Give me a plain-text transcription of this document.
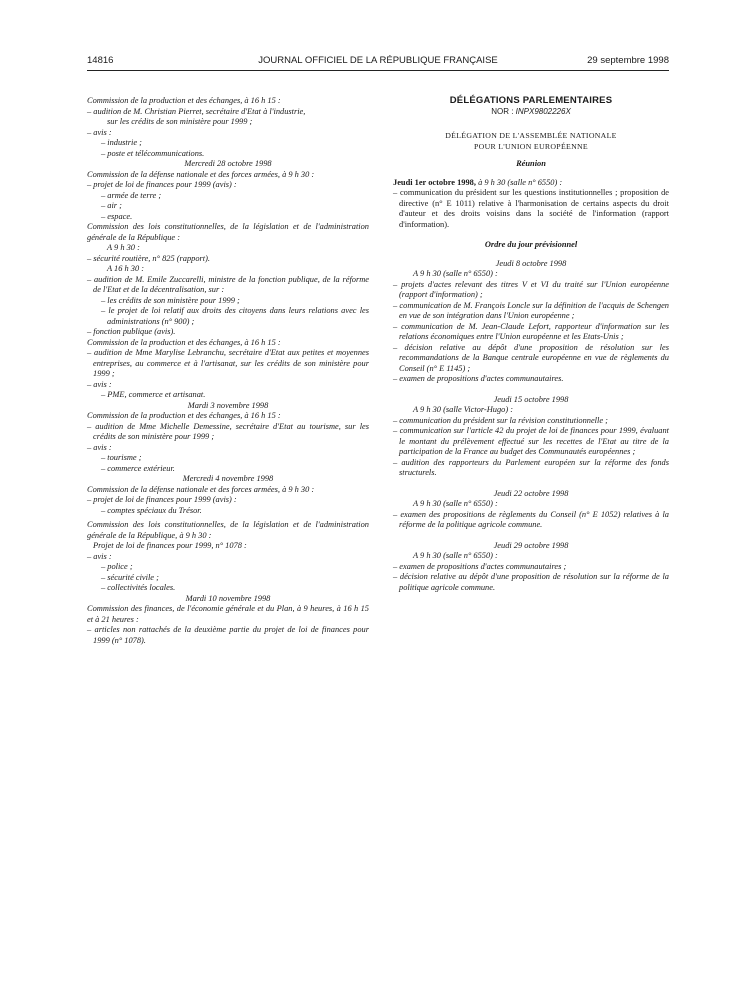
14816	JOURNAL OFFICIEL DE LA RÉPUBLIQUE FRANÇAISE	29 septembre 1998
Commission de la production et des échanges, à 16 h 15 :
– audition de M. Christian Pierret, secrétaire d'Etat à l'industrie,
sur les crédits de son ministère pour 1999 ;
– avis :
– industrie ;
– poste et télécommunications.
Mercredi 28 octobre 1998
Commission de la défense nationale et des forces armées, à 9 h 30 :
– projet de loi de finances pour 1999 (avis) :
– armée de terre ;
– air ;
– espace.
Commission des lois constitutionnelles, de la législation et de l'administration générale de la République :
A 9 h 30 :
– sécurité routière, n° 825 (rapport).
A 16 h 30 :
– audition de M. Emile Zuccarelli, ministre de la fonction publique, de la réforme de l'Etat et de la décentralisation, sur :
– les crédits de son ministère pour 1999 ;
– le projet de loi relatif aux droits des citoyens dans leurs relations avec les administrations (n° 900) ;
– fonction publique (avis).
Commission de la production et des échanges, à 16 h 15 :
– audition de Mme Marylise Lebranchu, secrétaire d'Etat aux petites et moyennes entreprises, au commerce et à l'artisanat, sur les crédits de son ministère pour 1999 ;
– avis :
– PME, commerce et artisanat.
Mardi 3 novembre 1998
Commission de la production et des échanges, à 16 h 15 :
– audition de Mme Michelle Demessine, secrétaire d'Etat au tourisme, sur les crédits de son ministère pour 1999 ;
– avis :
– tourisme ;
– commerce extérieur.
Mercredi 4 novembre 1998
Commission de la défense nationale et des forces armées, à 9 h 30 :
– projet de loi de finances pour 1999 (avis) :
– comptes spéciaux du Trésor.
Commission des lois constitutionnelles, de la législation et de l'administration générale de la République, à 9 h 30 :
Projet de loi de finances pour 1999, n° 1078 :
– avis :
– police ;
– sécurité civile ;
– collectivités locales.
Mardi 10 novembre 1998
Commission des finances, de l'économie générale et du Plan, à 9 heures, à 16 h 15 et à 21 heures :
– articles non rattachés de la deuxième partie du projet de loi de finances pour 1999 (n° 1078).
DÉLÉGATIONS PARLEMENTAIRES
NOR : INPX9802226X
DÉLÉGATION DE L'ASSEMBLÉE NATIONALE
POUR L'UNION EUROPÉENNE
Réunion
Jeudi 1er octobre 1998, à 9 h 30 (salle n° 6550) :
– communication du président sur les questions institutionnelles ; proposition de directive (n° E 1011) relative à l'harmonisation de certains aspects du droit d'auteur et des droits voisins dans la société de l'information (rapport d'information).
Ordre du jour prévisionnel
Jeudi 8 octobre 1998
A 9 h 30 (salle n° 6550) :
– projets d'actes relevant des titres V et VI du traité sur l'Union européenne (rapport d'information) ;
– communication de M. François Loncle sur la définition de l'acquis de Schengen en vue de son intégration dans l'Union européenne ;
– communication de M. Jean-Claude Lefort, rapporteur d'information sur les relations économiques entre l'Union européenne et les Etats-Unis ;
– décision relative au dépôt d'une proposition de résolution sur les recommandations de la Banque centrale européenne en vue de règlements du Conseil (n° E 1145) ;
– examen de propositions d'actes communautaires.
Jeudi 15 octobre 1998
A 9 h 30 (salle Victor-Hugo) :
– communication du président sur la révision constitutionnelle ;
– communication sur l'article 42 du projet de loi de finances pour 1999, évaluant le montant du prélèvement effectué sur les recettes de l'Etat au titre de la participation de la France au budget des Communautés européennes ;
– audition des rapporteurs du Parlement européen sur la réforme des fonds structurels.
Jeudi 22 octobre 1998
A 9 h 30 (salle n° 6550) :
– examen des propositions de règlements du Conseil (n° E 1052) relatives à la réforme de la politique agricole commune.
Jeudi 29 octobre 1998
A 9 h 30 (salle n° 6550) :
– examen de propositions d'actes communautaires ;
– décision relative au dépôt d'une proposition de résolution sur la réforme de la politique agricole commune.
